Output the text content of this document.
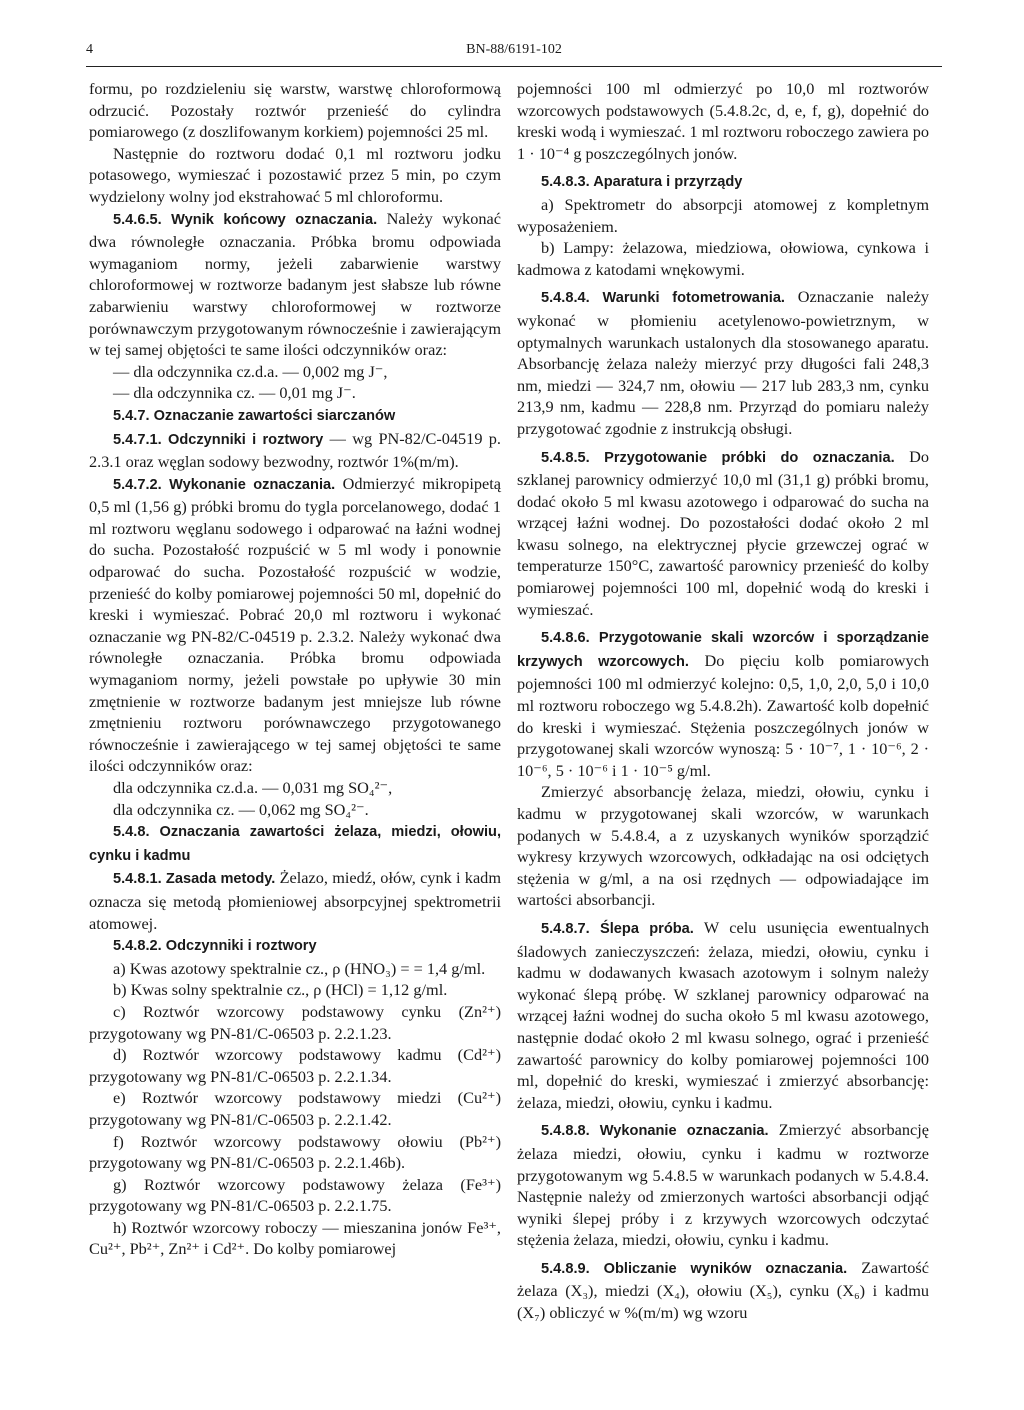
4	BN-88/6191-102

formu, po rozdzieleniu się warstw, warstwę chloroformową odrzucić. Pozostały roztwór przenieść do cylindra pomiarowego (z doszlifowanym korkiem) pojemności 25 ml.

Następnie do roztworu dodać 0,1 ml roztworu jodku potasowego, wymieszać i pozostawić przez 5 min, po czym wydzielony wolny jod ekstrahować 5 ml chloroformu.

5.4.6.5. Wynik końcowy oznaczania. Należy wykonać dwa równoległe oznaczania. Próbka bromu odpowiada wymaganiom normy, jeżeli zabarwienie warstwy chloroformowej w roztworze badanym jest słabsze lub równe zabarwieniu warstwy chloroformowej w roztworze porównawczym przygotowanym równocześnie i zawierającym w tej samej objętości te same ilości odczynników oraz:

— dla odczynnika cz.d.a. — 0,002 mg J⁻,

— dla odczynnika cz. — 0,01 mg J⁻.

5.4.7. Oznaczanie zawartości siarczanów

5.4.7.1. Odczynniki i roztwory — wg PN-82/C-04519 p. 2.3.1 oraz węglan sodowy bezwodny, roztwór 1%(m/m).

5.4.7.2. Wykonanie oznaczania. Odmierzyć mikropipetą 0,5 ml (1,56 g) próbki bromu do tygla porcelanowego, dodać 1 ml roztworu węglanu sodowego i odparować na łaźni wodnej do sucha. Pozostałość rozpuścić w 5 ml wody i ponownie odparować do sucha. Pozostałość rozpuścić w wodzie, przenieść do kolby pomiarowej pojemności 50 ml, dopełnić do kreski i wymieszać. Pobrać 20,0 ml roztworu i wykonać oznaczanie wg PN-82/C-04519 p. 2.3.2. Należy wykonać dwa równoległe oznaczania. Próbka bromu odpowiada wymaganiom normy, jeżeli powstałe po upływie 30 min zmętnienie w roztworze badanym jest mniejsze lub równe zmętnieniu roztworu porównawczego przygotowanego równocześnie i zawierającego w tej samej objętości te same ilości odczynników oraz:

dla odczynnika cz.d.a. — 0,031 mg SO₄²⁻,

dla odczynnika cz. — 0,062 mg SO₄²⁻.

5.4.8. Oznaczania zawartości żelaza, miedzi, ołowiu, cynku i kadmu

5.4.8.1. Zasada metody. Żelazo, miedź, ołów, cynk i kadm oznacza się metodą płomieniowej absorpcyjnej spektrometrii atomowej.

5.4.8.2. Odczynniki i roztwory

a) Kwas azotowy spektralnie cz., ρ (HNO₃) = = 1,4 g/ml.

b) Kwas solny spektralnie cz., ρ (HCl) = 1,12 g/ml.

c) Roztwór wzorcowy podstawowy cynku (Zn²⁺) przygotowany wg PN-81/C-06503 p. 2.2.1.23.

d) Roztwór wzorcowy podstawowy kadmu (Cd²⁺) przygotowany wg PN-81/C-06503 p. 2.2.1.34.

e) Roztwór wzorcowy podstawowy miedzi (Cu²⁺) przygotowany wg PN-81/C-06503 p. 2.2.1.42.

f) Roztwór wzorcowy podstawowy ołowiu (Pb²⁺) przygotowany wg PN-81/C-06503 p. 2.2.1.46b).

g) Roztwór wzorcowy podstawowy żelaza (Fe³⁺) przygotowany wg PN-81/C-06503 p. 2.2.1.75.

h) Roztwór wzorcowy roboczy — mieszanina jonów Fe³⁺, Cu²⁺, Pb²⁺, Zn²⁺ i Cd²⁺. Do kolby pomiarowej

pojemności 100 ml odmierzyć po 10,0 ml roztworów wzorcowych podstawowych (5.4.8.2c, d, e, f, g), dopełnić do kreski wodą i wymieszać. 1 ml roztworu roboczego zawiera po 1 · 10⁻⁴ g poszczególnych jonów.

5.4.8.3. Aparatura i przyrządy

a) Spektrometr do absorpcji atomowej z kompletnym wyposażeniem.

b) Lampy: żelazowa, miedziowa, ołowiowa, cynkowa i kadmowa z katodami wnękowymi.

5.4.8.4. Warunki fotometrowania. Oznaczanie należy wykonać w płomieniu acetylenowo-powietrznym, w optymalnych warunkach ustalonych dla stosowanego aparatu. Absorbancję żelaza należy mierzyć przy długości fali 248,3 nm, miedzi — 324,7 nm, ołowiu — 217 lub 283,3 nm, cynku 213,9 nm, kadmu — 228,8 nm. Przyrząd do pomiaru należy przygotować zgodnie z instrukcją obsługi.

5.4.8.5. Przygotowanie próbki do oznaczania. Do szklanej parownicy odmierzyć 10,0 ml (31,1 g) próbki bromu, dodać około 5 ml kwasu azotowego i odparować do sucha na wrzącej łaźni wodnej. Do pozostałości dodać około 2 ml kwasu solnego, na elektrycznej płycie grzewczej ograć w temperaturze 150°C, zawartość parownicy przenieść do kolby pomiarowej pojemności 100 ml, dopełnić wodą do kreski i wymieszać.

5.4.8.6. Przygotowanie skali wzorców i sporządzanie krzywych wzorcowych. Do pięciu kolb pomiarowych pojemności 100 ml odmierzyć kolejno: 0,5, 1,0, 2,0, 5,0 i 10,0 ml roztworu roboczego wg 5.4.8.2h). Zawartość kolb dopełnić do kreski i wymieszać. Stężenia poszczególnych jonów w przygotowanej skali wzorców wynoszą: 5 · 10⁻⁷, 1 · 10⁻⁶, 2 · 10⁻⁶, 5 · 10⁻⁶ i 1 · 10⁻⁵ g/ml.

Zmierzyć absorbancję żelaza, miedzi, ołowiu, cynku i kadmu w przygotowanej skali wzorców, w warunkach podanych w 5.4.8.4, a z uzyskanych wyników sporządzić wykresy krzywych wzorcowych, odkładając na osi odciętych stężenia w g/ml, a na osi rzędnych — odpowiadające im wartości absorbancji.

5.4.8.7. Ślepa próba. W celu usunięcia ewentualnych śladowych zanieczyszczeń: żelaza, miedzi, ołowiu, cynku i kadmu w dodawanych kwasach azotowym i solnym należy wykonać ślepą próbę. W szklanej parownicy odparować na wrzącej łaźni wodnej do sucha około 5 ml kwasu azotowego, następnie dodać około 2 ml kwasu solnego, ograć i przenieść zawartość parownicy do kolby pomiarowej pojemności 100 ml, dopełnić do kreski, wymieszać i zmierzyć absorbancję: żelaza, miedzi, ołowiu, cynku i kadmu.

5.4.8.8. Wykonanie oznaczania. Zmierzyć absorbancję żelaza miedzi, ołowiu, cynku i kadmu w roztworze przygotowanym wg 5.4.8.5 w warunkach podanych w 5.4.8.4. Następnie należy od zmierzonych wartości absorbancji odjąć wyniki ślepej próby i z krzywych wzorcowych odczytać stężenia żelaza, miedzi, ołowiu, cynku i kadmu.

5.4.8.9. Obliczanie wyników oznaczania. Zawartość żelaza (X₃), miedzi (X₄), ołowiu (X₅), cynku (X₆) i kadmu (X₇) obliczyć w %(m/m) wg wzoru
